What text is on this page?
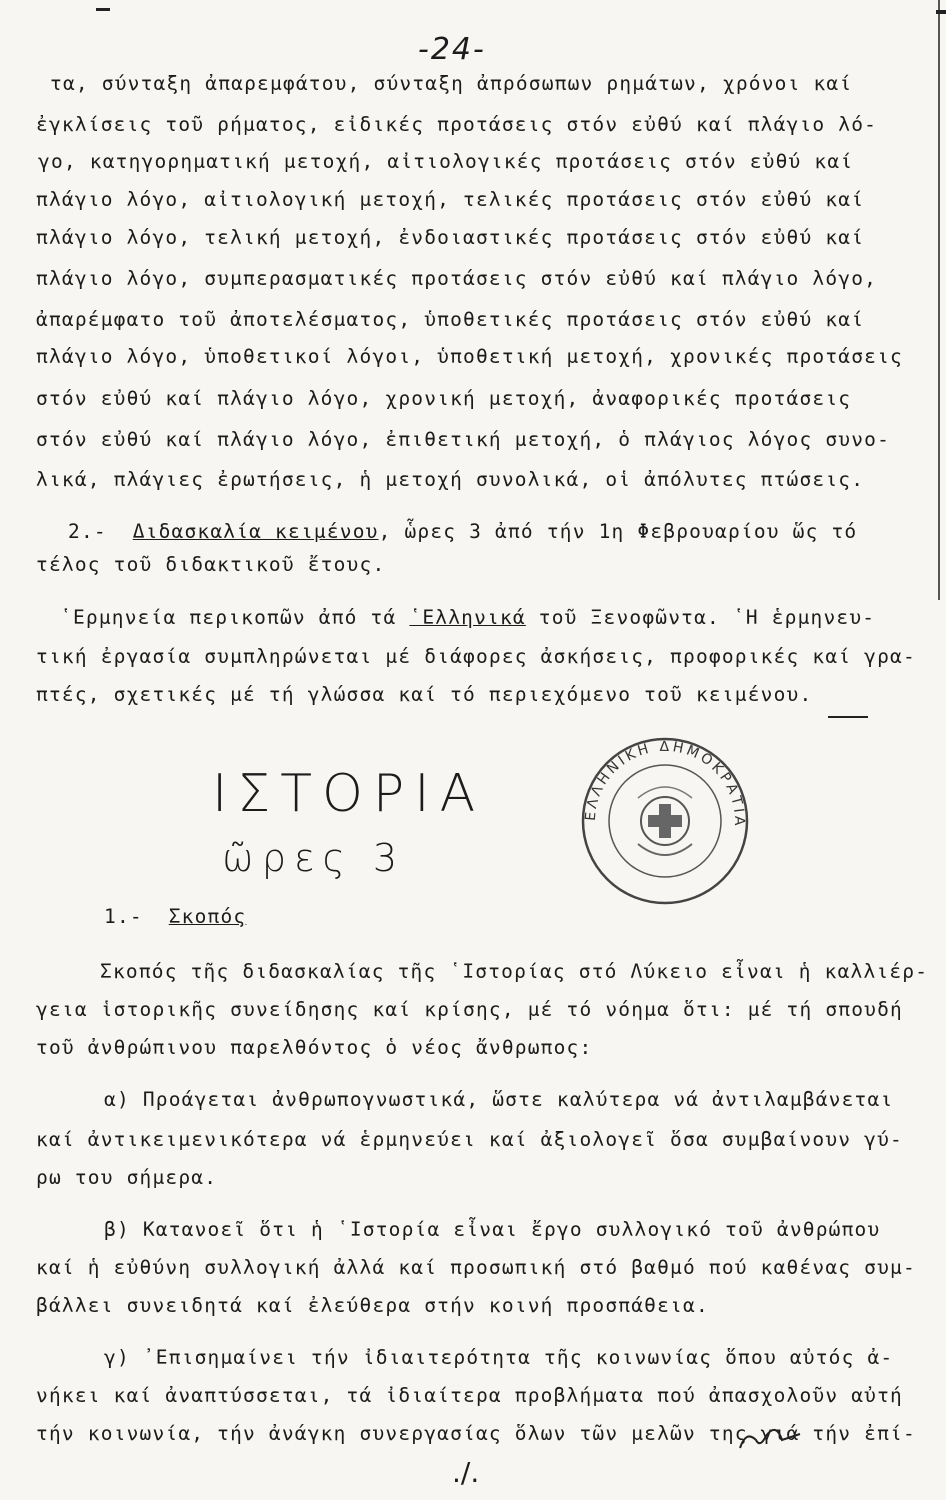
-24-
τα, σύνταξη ἀπαρεμφάτου, σύνταξη ἀπρόσωπων ρημάτων, χρόνοι καί
ἐγκλίσεις τοῦ ρήματος, εἰδικές προτάσεις στόν εὐθύ καί πλάγιο λό-
γο, κατηγορηματική μετοχή, αἰτιολογικές προτάσεις στόν εὐθύ καί
πλάγιο λόγο, αἰτιολογική μετοχή, τελικές προτάσεις στόν εὐθύ καί
πλάγιο λόγο, τελική μετοχή, ἐνδοιαστικές προτάσεις στόν εὐθύ καί
πλάγιο λόγο, συμπερασματικές προτάσεις στόν εὐθύ καί πλάγιο λόγο,
ἀπαρέμφατο τοῦ ἀποτελέσματος, ὑποθετικές προτάσεις στόν εὐθύ καί
πλάγιο λόγο, ὑποθετικοί λόγοι, ὑποθετική μετοχή, χρονικές προτάσεις
στόν εὐθύ καί πλάγιο λόγο, χρονική μετοχή, ἀναφορικές προτάσεις
στόν εὐθύ καί πλάγιο λόγο, ἐπιθετική μετοχή, ὁ πλάγιος λόγος συνο-
λικά, πλάγιες ἐρωτήσεις, ἡ μετοχή συνολικά, οἱ ἀπόλυτες πτώσεις.
2.- Διδασκαλία κειμένου, ὧρες 3 ἀπό τήν 1η Φεβρουαρίου ὥς τό
τέλος τοῦ διδακτικοῦ ἔτους.
῾Ερμηνεία περικοπῶν ἀπό τά ῾Ελληνικά τοῦ Ξενοφῶντα. ῾Η ἑρμηνευ-
τική ἐργασία συμπληρώνεται μέ διάφορες ἀσκήσεις, προφορικές καί γρα-
πτές, σχετικές μέ τή γλώσσα καί τό περιεχόμενο τοῦ κειμένου.
ΙΣΤΟΡΙΑ
ῶρες 3
ΕΛΛΗΝΙΚΗ ΔΗΜΟΚΡΑΤΙΑ
1.- Σκοπός
Σκοπός τῆς διδασκαλίας τῆς ῾Ιστορίας στό Λύκειο εἶναι ἡ καλλιέρ-
γεια ἱστορικῆς συνείδησης καί κρίσης, μέ τό νόημα ὅτι: μέ τή σπουδή
τοῦ ἀνθρώπινου παρελθόντος ὁ νέος ἄνθρωπος:
α) Προάγεται ἀνθρωπογνωστικά, ὥστε καλύτερα νά ἀντιλαμβάνεται
καί ἀντικειμενικότερα νά ἑρμηνεύει καί ἀξιολογεῖ ὅσα συμβαίνουν γύ-
ρω του σήμερα.
β) Κατανοεῖ ὅτι ἡ ῾Ιστορία εἶναι ἔργο συλλογικό τοῦ ἀνθρώπου
καί ἡ εὐθύνη συλλογική ἀλλά καί προσωπική στό βαθμό πού καθένας συμ-
βάλλει συνειδητά καί ἐλεύθερα στήν κοινή προσπάθεια.
γ) ᾿Επισημαίνει τήν ἰδιαιτερότητα τῆς κοινωνίας ὅπου αὐτός ἀ-
νήκει καί ἀναπτύσσεται, τά ἰδιαίτερα προβλήματα πού ἀπασχολοῦν αὐτή
τήν κοινωνία, τήν ἀνάγκη συνεργασίας ὅλων τῶν μελῶν της γιά τήν ἐπί-
./.
